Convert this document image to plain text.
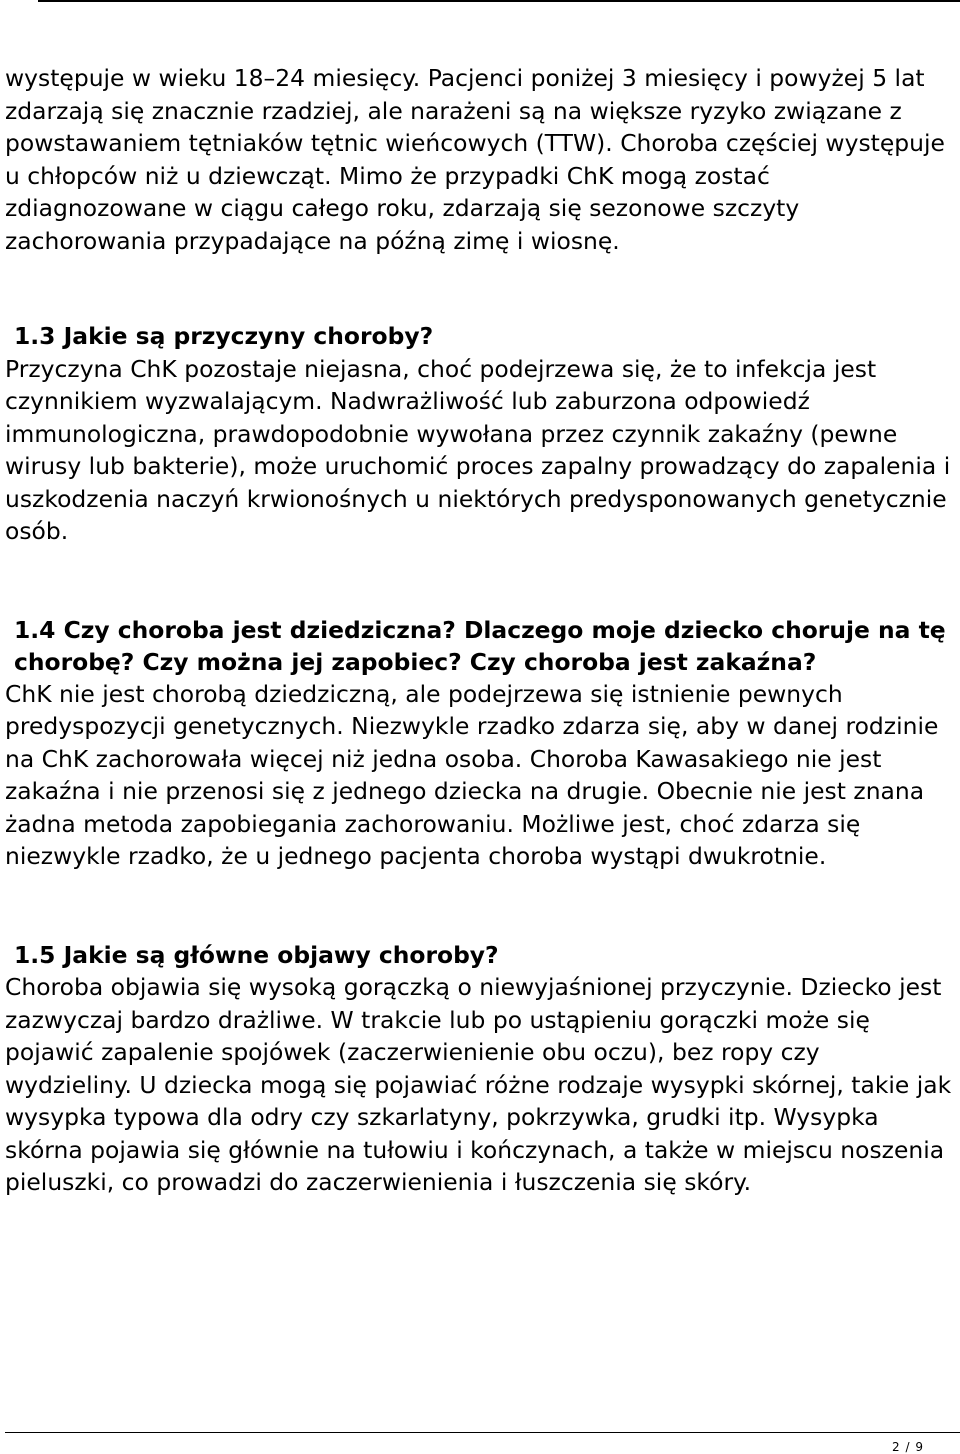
występuje w wieku 18–24 miesięcy. Pacjenci poniżej 3 miesięcy i powyżej 5 lat zdarzają się znacznie rzadziej, ale narażeni są na większe ryzyko związane z powstawaniem tętniaków tętnic wieńcowych (TTW). Choroba częściej występuje u chłopców niż u dziewcząt. Mimo że przypadki ChK mogą zostać zdiagnozowane w ciągu całego roku, zdarzają się sezonowe szczyty zachorowania przypadające na późną zimę i wiosnę.

1.3 Jakie są przyczyny choroby?

Przyczyna ChK pozostaje niejasna, choć podejrzewa się, że to infekcja jest czynnikiem wyzwalającym. Nadwrażliwość lub zaburzona odpowiedź immunologiczna, prawdopodobnie wywołana przez czynnik zakaźny (pewne wirusy lub bakterie), może uruchomić proces zapalny prowadzący do zapalenia i uszkodzenia naczyń krwionośnych u niektórych predysponowanych genetycznie osób.

1.4 Czy choroba jest dziedziczna? Dlaczego moje dziecko choruje na tę chorobę? Czy można jej zapobiec? Czy choroba jest zakaźna?

ChK nie jest chorobą dziedziczną, ale podejrzewa się istnienie pewnych predyspozycji genetycznych. Niezwykle rzadko zdarza się, aby w danej rodzinie na ChK zachorowała więcej niż jedna osoba. Choroba Kawasakiego nie jest zakaźna i nie przenosi się z jednego dziecka na drugie. Obecnie nie jest znana żadna metoda zapobiegania zachorowaniu. Możliwe jest, choć zdarza się niezwykle rzadko, że u jednego pacjenta choroba wystąpi dwukrotnie.

1.5 Jakie są główne objawy choroby?

Choroba objawia się wysoką gorączką o niewyjaśnionej przyczynie. Dziecko jest zazwyczaj bardzo drażliwe. W trakcie lub po ustąpieniu gorączki może się pojawić zapalenie spojówek (zaczerwienienie obu oczu), bez ropy czy wydzieliny. U dziecka mogą się pojawiać różne rodzaje wysypki skórnej, takie jak wysypka typowa dla odry czy szkarlatyny, pokrzywka, grudki itp. Wysypka skórna pojawia się głównie na tułowiu i kończynach, a także w miejscu noszenia pieluszki, co prowadzi do zaczerwienienia i łuszczenia się skóry.

2 / 9
